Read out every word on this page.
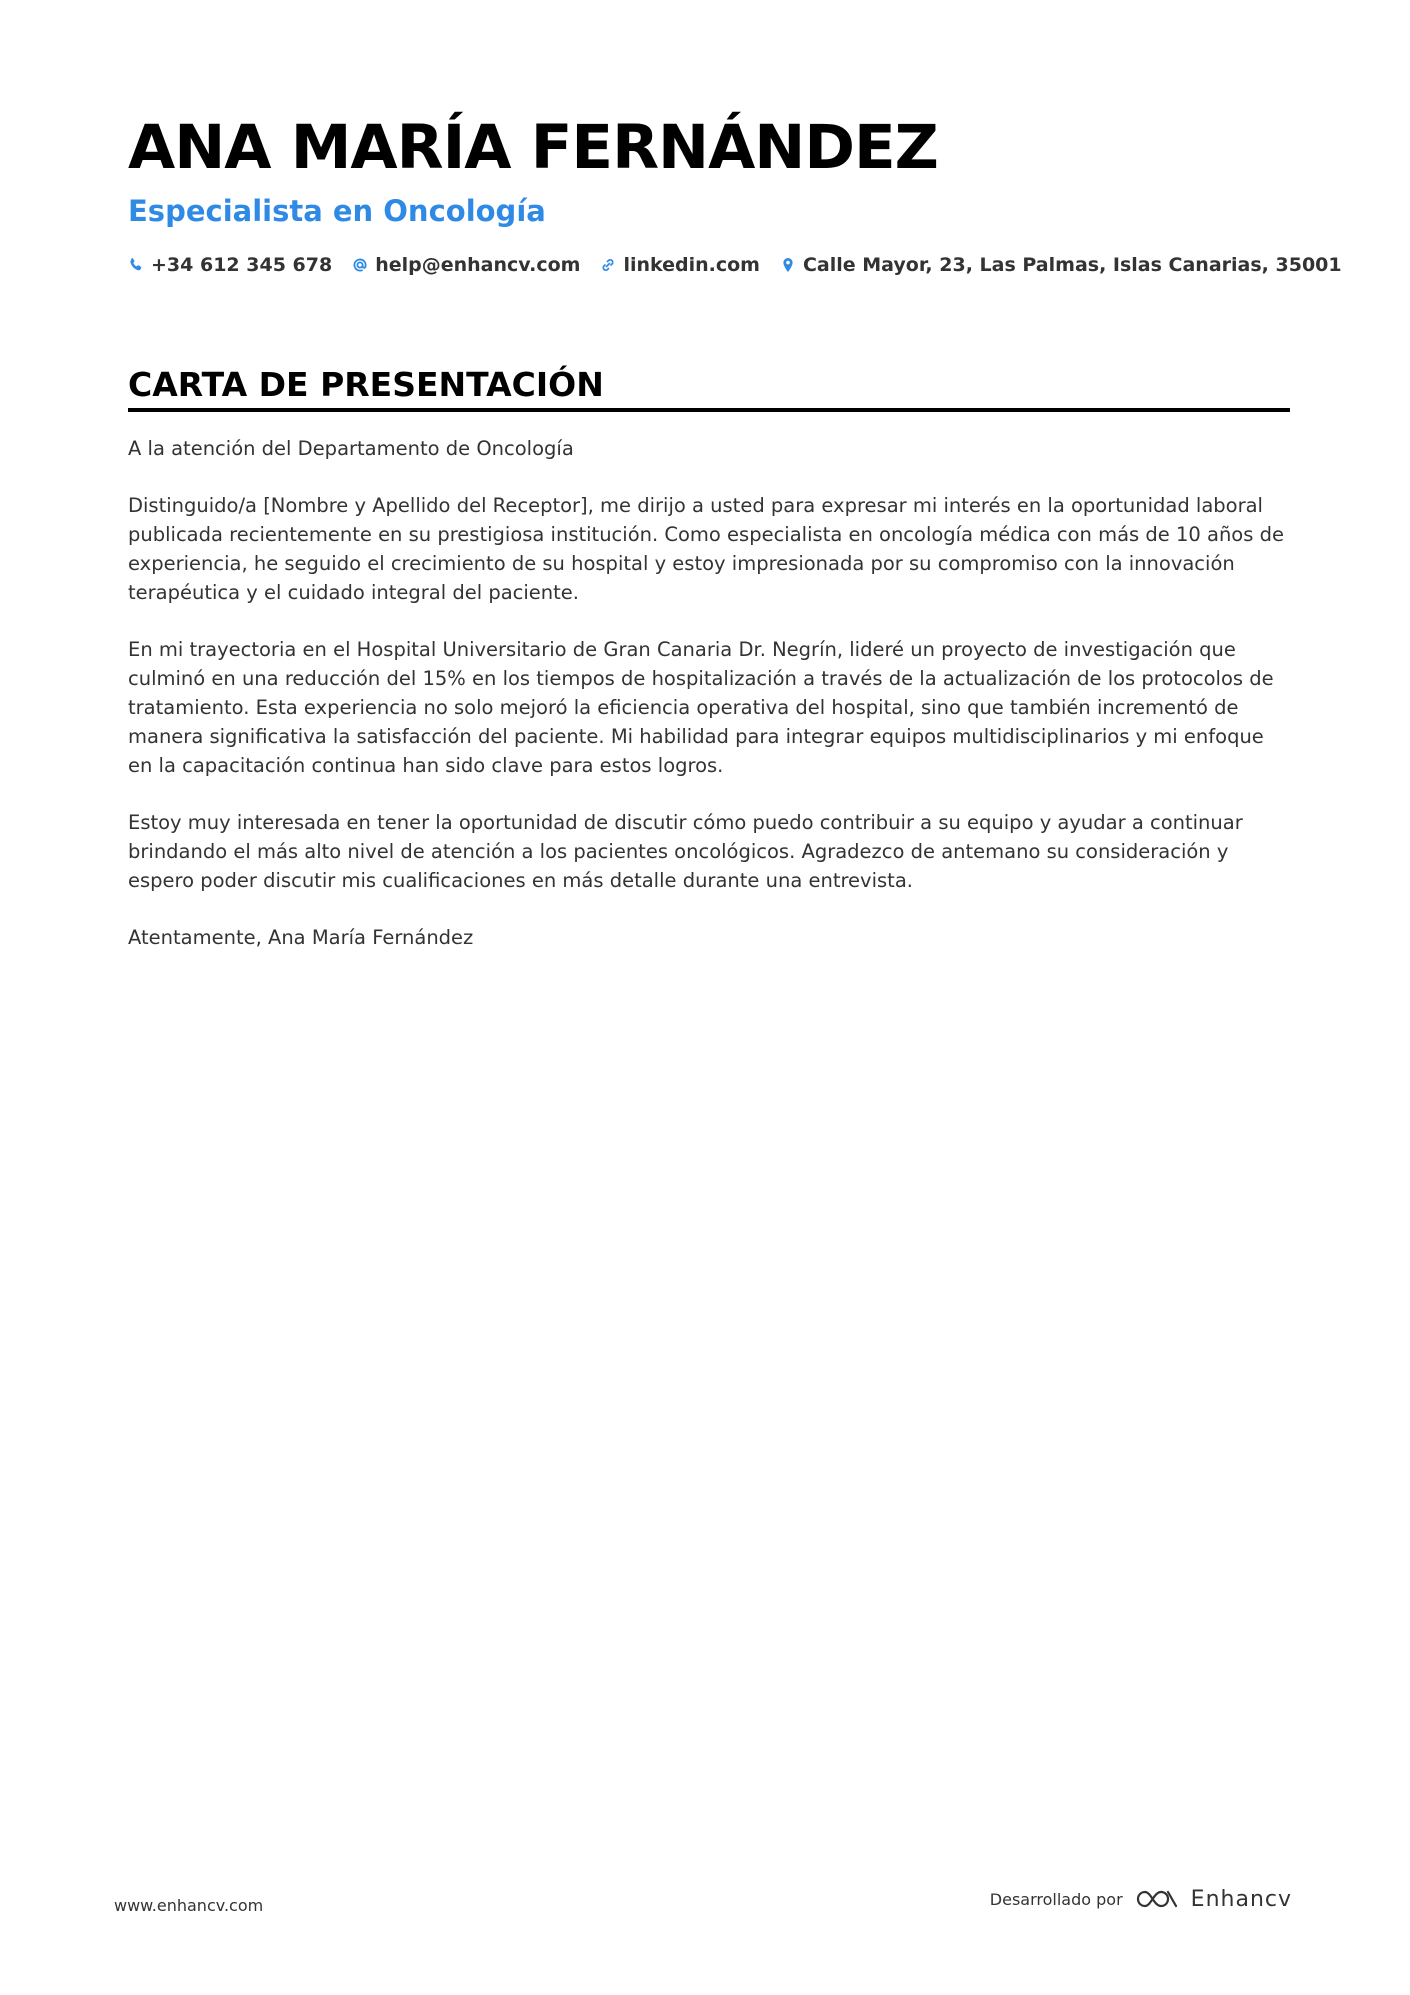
ANA MARÍA FERNÁNDEZ
Especialista en Oncología
+34 612 345 678 help@enhancv.com linkedin.com Calle Mayor, 23, Las Palmas, Islas Canarias, 35001
CARTA DE PRESENTACIÓN

A la atención del Departamento de Oncología

Distinguido/a [Nombre y Apellido del Receptor], me dirijo a usted para expresar mi interés en la oportunidad laboral publicada recientemente en su prestigiosa institución. Como especialista en oncología médica con más de 10 años de experiencia, he seguido el crecimiento de su hospital y estoy impresionada por su compromiso con la innovación terapéutica y el cuidado integral del paciente.

En mi trayectoria en el Hospital Universitario de Gran Canaria Dr. Negrín, lideré un proyecto de investigación que culminó en una reducción del 15% en los tiempos de hospitalización a través de la actualización de los protocolos de tratamiento. Esta experiencia no solo mejoró la eficiencia operativa del hospital, sino que también incrementó de manera significativa la satisfacción del paciente. Mi habilidad para integrar equipos multidisciplinarios y mi enfoque en la capacitación continua han sido clave para estos logros.

Estoy muy interesada en tener la oportunidad de discutir cómo puedo contribuir a su equipo y ayudar a continuar brindando el más alto nivel de atención a los pacientes oncológicos. Agradezco de antemano su consideración y espero poder discutir mis cualificaciones en más detalle durante una entrevista.

Atentamente, Ana María Fernández

www.enhancv.com	Desarrollado por	Enhancv
